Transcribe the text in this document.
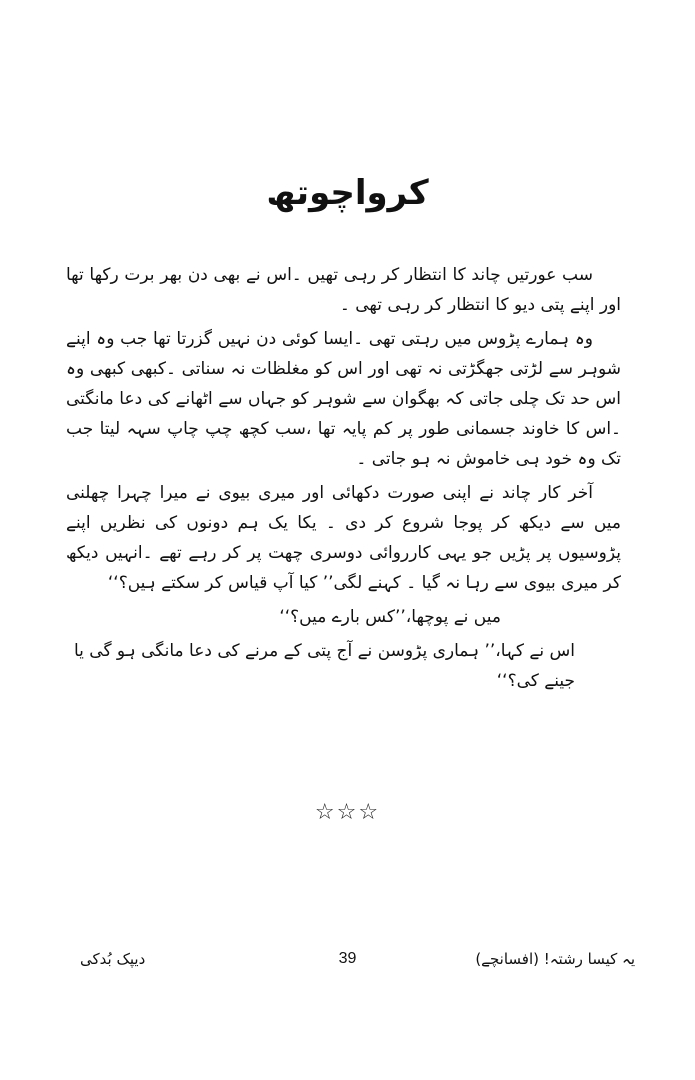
کرواچوتھ

سب عورتیں چاند کا انتظار کر رہی تھیں ۔اس نے بھی دن بھر برت رکھا تھا اور اپنے پتی دیو کا انتظار کر رہی تھی ۔

وہ ہمارے پڑوس میں رہتی تھی ۔ایسا کوئی دن نہیں گزرتا تھا جب وہ اپنے شوہر سے لڑتی جھگڑتی نہ تھی اور اس کو مغلظات نہ سناتی ۔کبھی کبھی وہ اس حد تک چلی جاتی کہ بھگوان سے شوہر کو جہاں سے اٹھانے کی دعا مانگتی ۔اس کا خاوند جسمانی طور پر کم پایہ تھا ،سب کچھ چپ چاپ سہہ لیتا جب تک وہ خود ہی خاموش نہ ہو جاتی ۔

آخر کار چاند نے اپنی صورت دکھائی اور میری بیوی نے میرا چہرا چھلنی میں سے دیکھ کر پوجا شروع کر دی ۔ یکا یک ہم دونوں کی نظریں اپنے پڑوسیوں پر پڑیں جو یہی کارروائی دوسری چھت پر کر رہے تھے ۔انہیں دیکھ کر میری بیوی سے رہا نہ گیا ۔ کہنے لگی’’ کیا آپ قیاس کر سکتے ہیں؟‘‘

میں نے پوچھا،’’کس بارے میں؟‘‘

اس نے کہا،’’ ہماری پڑوسن نے آج پتی کے مرنے کی دعا مانگی ہو گی یا جینے کی؟‘‘

☆☆☆
دیپک بُدکی	39	یہ کیسا رشتہ! (افسانچے)
